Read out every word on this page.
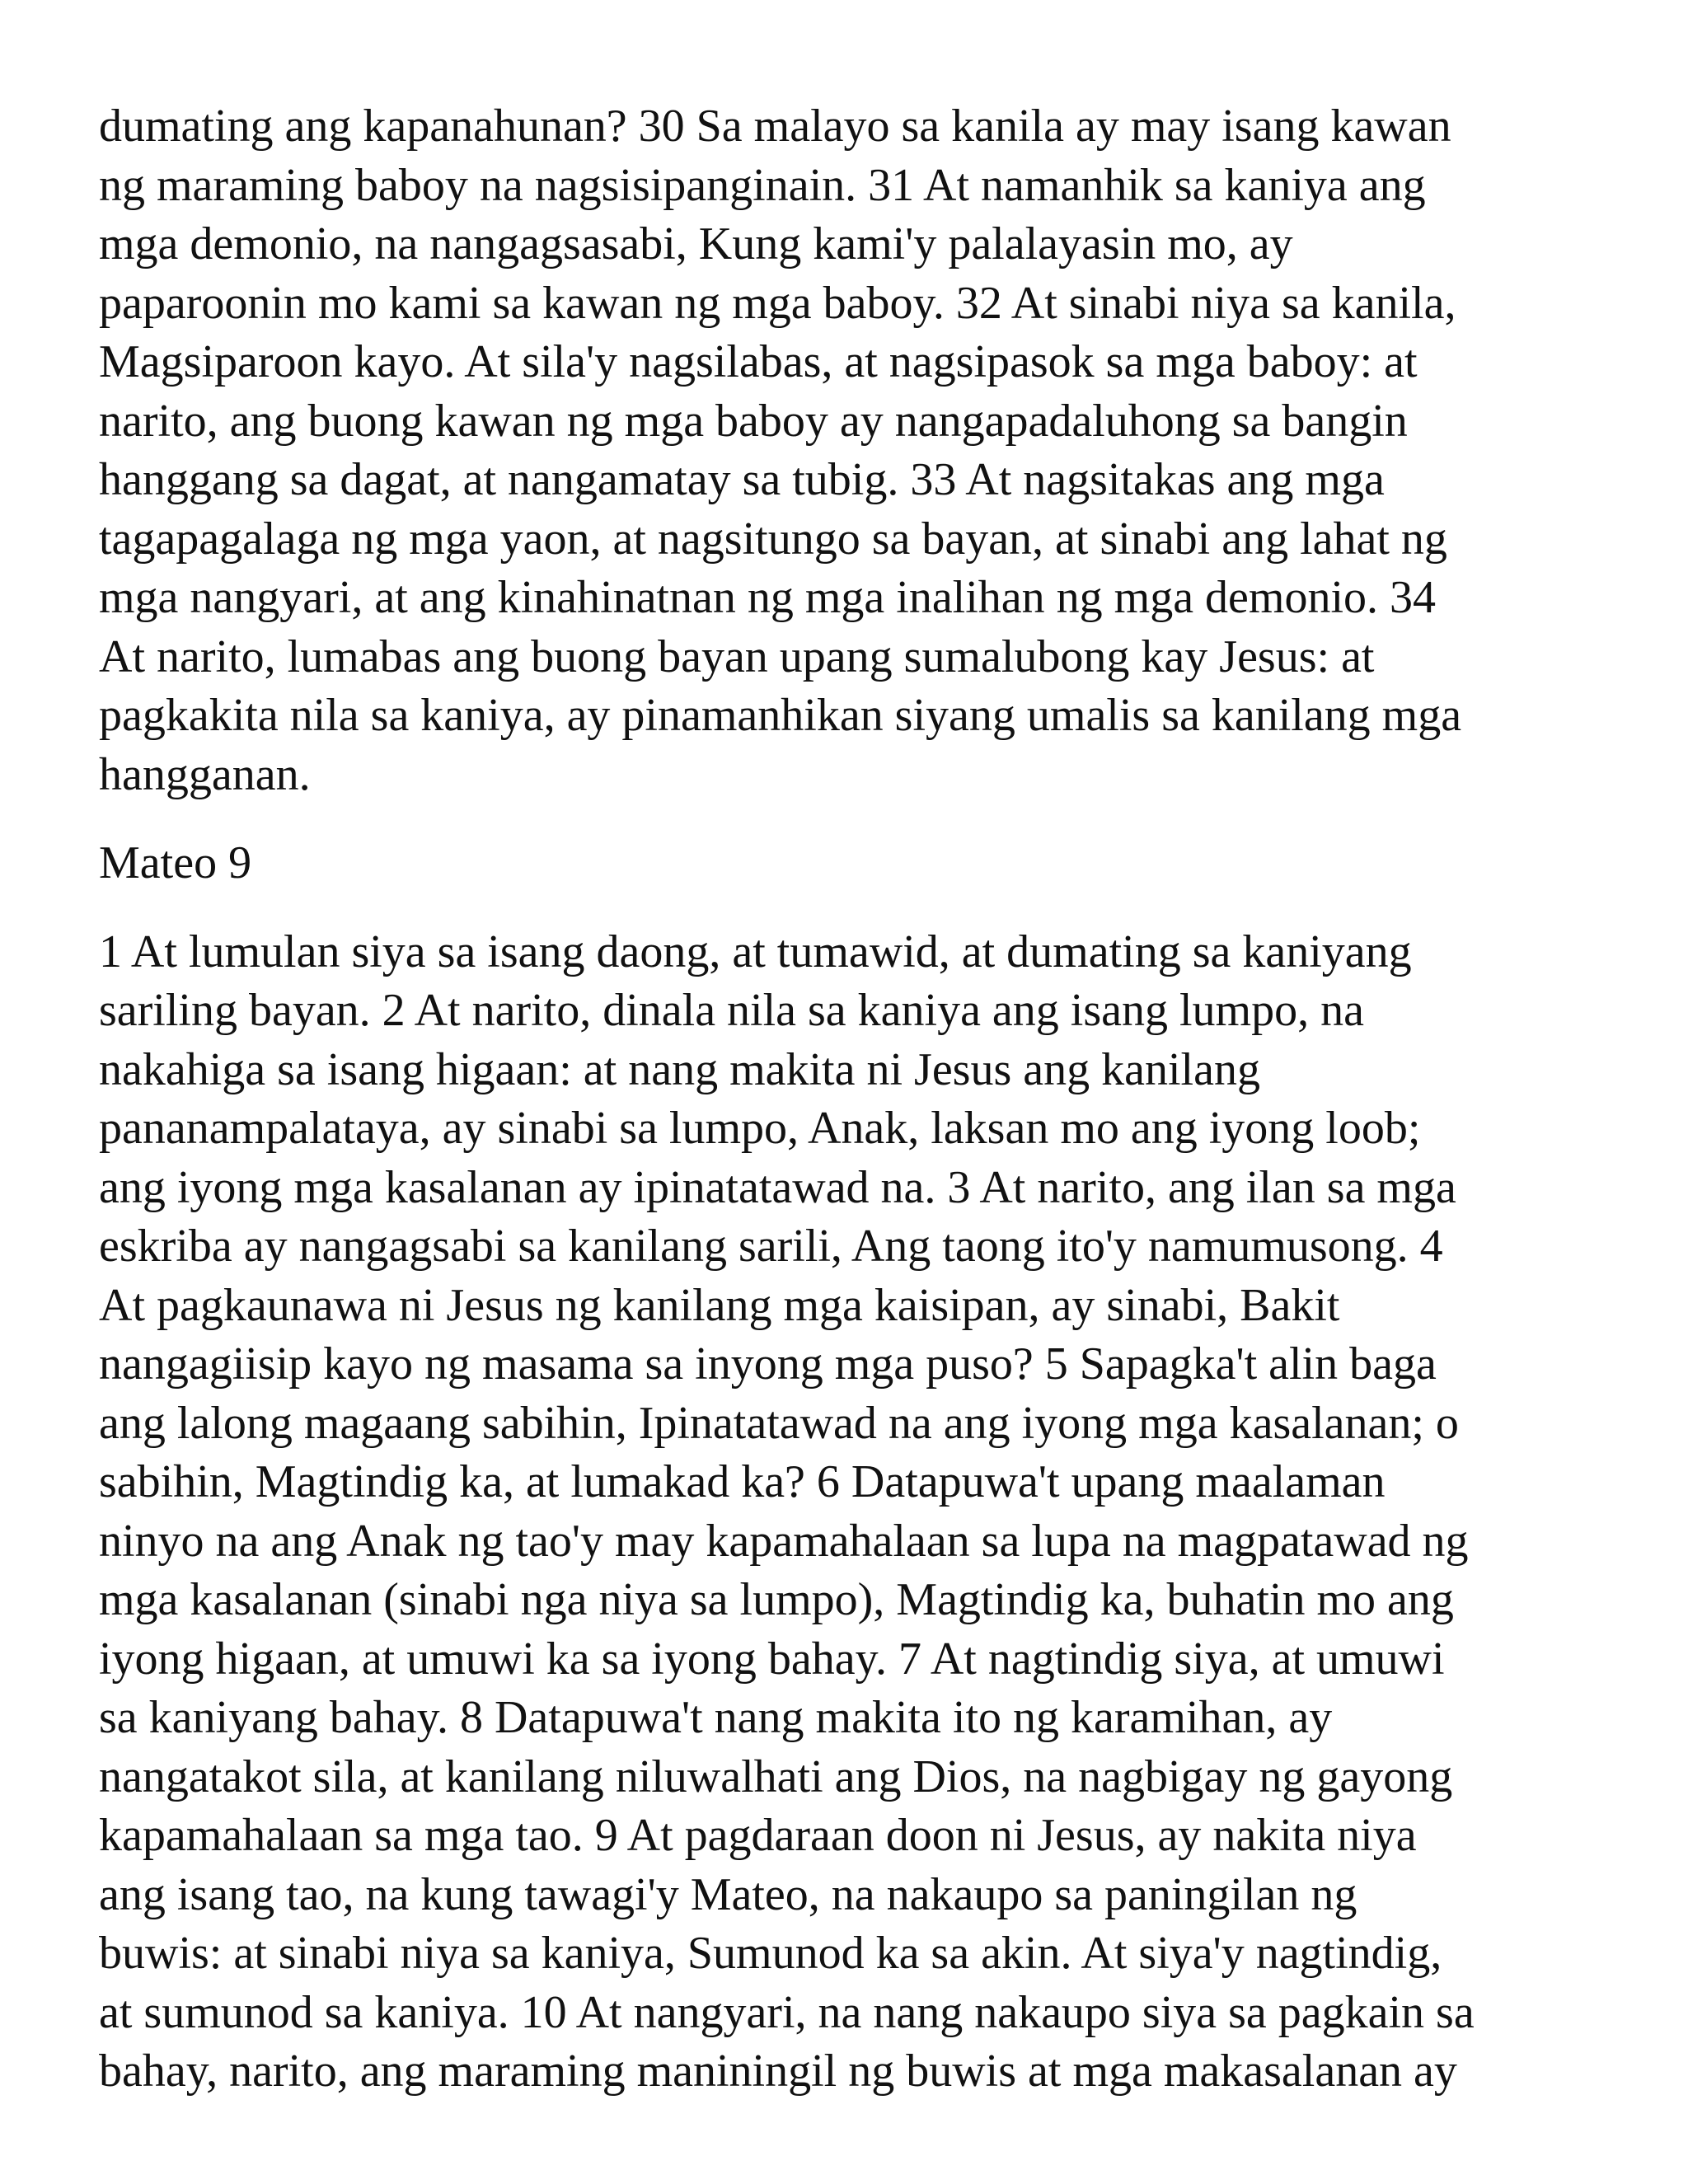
dumating ang kapanahunan? 30 Sa malayo sa kanila ay may isang kawan
ng maraming baboy na nagsisipanginain. 31 At namanhik sa kaniya ang
mga demonio, na nangagsasabi, Kung kami'y palalayasin mo, ay
paparoonin mo kami sa kawan ng mga baboy. 32 At sinabi niya sa kanila,
Magsiparoon kayo. At sila'y nagsilabas, at nagsipasok sa mga baboy: at
narito, ang buong kawan ng mga baboy ay nangapadaluhong sa bangin
hanggang sa dagat, at nangamatay sa tubig. 33 At nagsitakas ang mga
tagapagalaga ng mga yaon, at nagsitungo sa bayan, at sinabi ang lahat ng
mga nangyari, at ang kinahinatnan ng mga inalihan ng mga demonio. 34
At narito, lumabas ang buong bayan upang sumalubong kay Jesus: at
pagkakita nila sa kaniya, ay pinamanhikan siyang umalis sa kanilang mga
hangganan.
Mateo 9
1 At lumulan siya sa isang daong, at tumawid, at dumating sa kaniyang
sariling bayan. 2 At narito, dinala nila sa kaniya ang isang lumpo, na
nakahiga sa isang higaan: at nang makita ni Jesus ang kanilang
pananampalataya, ay sinabi sa lumpo, Anak, laksan mo ang iyong loob;
ang iyong mga kasalanan ay ipinatatawad na. 3 At narito, ang ilan sa mga
eskriba ay nangagsabi sa kanilang sarili, Ang taong ito'y namumusong. 4
At pagkaunawa ni Jesus ng kanilang mga kaisipan, ay sinabi, Bakit
nangagiisip kayo ng masama sa inyong mga puso? 5 Sapagka't alin baga
ang lalong magaang sabihin, Ipinatatawad na ang iyong mga kasalanan; o
sabihin, Magtindig ka, at lumakad ka? 6 Datapuwa't upang maalaman
ninyo na ang Anak ng tao'y may kapamahalaan sa lupa na magpatawad ng
mga kasalanan (sinabi nga niya sa lumpo), Magtindig ka, buhatin mo ang
iyong higaan, at umuwi ka sa iyong bahay. 7 At nagtindig siya, at umuwi
sa kaniyang bahay. 8 Datapuwa't nang makita ito ng karamihan, ay
nangatakot sila, at kanilang niluwalhati ang Dios, na nagbigay ng gayong
kapamahalaan sa mga tao. 9 At pagdaraan doon ni Jesus, ay nakita niya
ang isang tao, na kung tawagi'y Mateo, na nakaupo sa paningilan ng
buwis: at sinabi niya sa kaniya, Sumunod ka sa akin. At siya'y nagtindig,
at sumunod sa kaniya. 10 At nangyari, na nang nakaupo siya sa pagkain sa
bahay, narito, ang maraming maniningil ng buwis at mga makasalanan ay
